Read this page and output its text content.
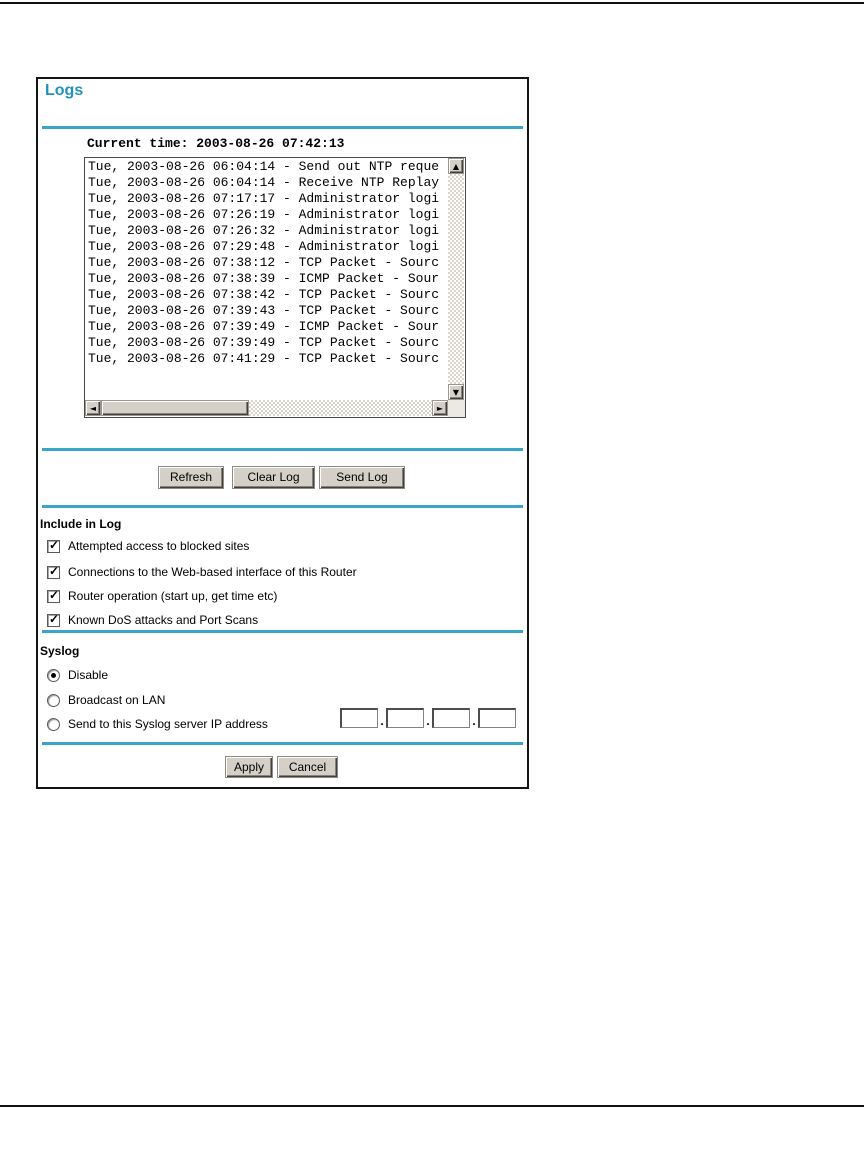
Logs
Current time: 2003-08-26 07:42:13
Tue, 2003-08-26 06:04:14 - Send out NTP reque
Tue, 2003-08-26 06:04:14 - Receive NTP Replay
Tue, 2003-08-26 07:17:17 - Administrator logi
Tue, 2003-08-26 07:26:19 - Administrator logi
Tue, 2003-08-26 07:26:32 - Administrator logi
Tue, 2003-08-26 07:29:48 - Administrator logi
Tue, 2003-08-26 07:38:12 - TCP Packet - Sourc
Tue, 2003-08-26 07:38:39 - ICMP Packet - Sour
Tue, 2003-08-26 07:38:42 - TCP Packet - Sourc
Tue, 2003-08-26 07:39:43 - TCP Packet - Sourc
Tue, 2003-08-26 07:39:49 - ICMP Packet - Sour
Tue, 2003-08-26 07:39:49 - TCP Packet - Sourc
Tue, 2003-08-26 07:41:29 - TCP Packet - Sourc
▲
▼
◄	►
Refresh	Clear Log	Send Log
Include in Log
✓
Attempted access to blocked sites
✓
Connections to the Web-based interface of this Router
✓
Router operation (start up, get time etc)
✓
Known DoS attacks and Port Scans
Syslog
Disable
Broadcast on LAN
Send to this Syslog server IP address	.	.	.
Apply	Cancel
